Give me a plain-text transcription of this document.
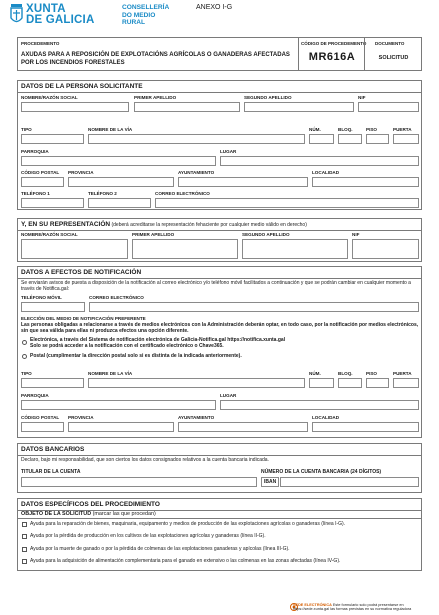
XUNTA
DE GALICIA
CONSELLERÍA
DO MEDIO
RURAL
ANEXO I-G
PROCEDEMENTO	CÓDIGO DE PROCEDEMENTO DOCUMENTO
AXUDAS PARA A REPOSICIÓN DE EXPLOTACIÓNS AGRÍCOLAS O GANADERAS AFECTADAS POR LOS INCENDIOS FORESTALES	MR616A	SOLICITUD
DATOS DE LA PERSONA SOLICITANTE
NOMBRE/RAZÓN SOCIAL	PRIMER APELLIDO	SEGUNDO APELLIDO	NIF
TIPO	NOMBRE DE LA VÍA	NÚM.	BLOQ.	PISO	PUERTA
PARROQUIA	LUGAR
CÓDIGO POSTAL PROVINCIA	AYUNTAMIENTO	LOCALIDAD
TELÉFONO 1	TELÉFONO 2	CORREO ELECTRÓNICO
Y, EN SU REPRESENTACIÓN (deberá acreditarse la representación fehaciente por cualquier medio válido en derecho)
NOMBRE/RAZÓN SOCIAL	PRIMER APELLIDO	SEGUNDO APELLIDO	NIF
DATOS A EFECTOS DE NOTIFICACIÓN
Se enviarán avisos de puesta a disposición de la notificación al correo electrónico y/o teléfono móvil facilitados a continuación y que se podrán cambiar en cualquier momento a través de Notifica.gal:
TELÉFONO MÓVIL	CORREO ELECTRÓNICO
ELECCIÓN DEL MEDIO DE NOTIFICACIÓN PREFERENTE
Las personas obligadas a relacionarse a través de medios electrónicos con la Administración deberán optar, en todo caso, por la notificación por medios electrónicos, sin que sea válida para ellas ni produzca efectos una opción diferente.
Electrónica, a través del Sistema de notificación electrónica de Galicia-Notifica.gal https://notifica.xunta.gal
Solo se podrá acceder a la notificación con el certificado electrónico o Chave365.
Postal (cumplimentar la dirección postal solo si es distinta de la indicada anteriormente).
TIPO	NOMBRE DE LA VÍA	NÚM.	BLOQ.	PISO	PUERTA
PARROQUIA	LUGAR
CÓDIGO POSTAL PROVINCIA	AYUNTAMIENTO	LOCALIDAD
DATOS BANCARIOS
Declaro, bajo mi responsabilidad, que son ciertos los datos consignados relativos a la cuenta bancaria indicada.
TITULAR DE LA CUENTA	NÚMERO DE LA CUENTA BANCARIA (24 DÍGITOS)
IBAN
DATOS ESPECÍFICOS DEL PROCEDIMIENTO
OBJETO DE LA SOLICITUD (marcar las que procedan)
Ayuda para la reparación de bienes, maquinaria, equipamento y medios de producción de las explotaciones agrícolas o ganaderas (línea I-G).
Ayuda por la pérdida de producción en los cultivos de las explotaciones agrícolas y ganaderas (línea II-G).
Ayuda por la muerte de ganado o por la pérdida de colmenas de las explotaciones ganaderas y apícolas (línea III-G).
Ayuda para la adquisición de alimentación complementaria para el ganado en extensivo o las colmenas en las zonas afectadas (línea IV-G).
SEDE ELECTRÓNICA Este formulario solo podrá presentarse en
https://sede.xunta.gal las formas previstas en su normativa reguladora
